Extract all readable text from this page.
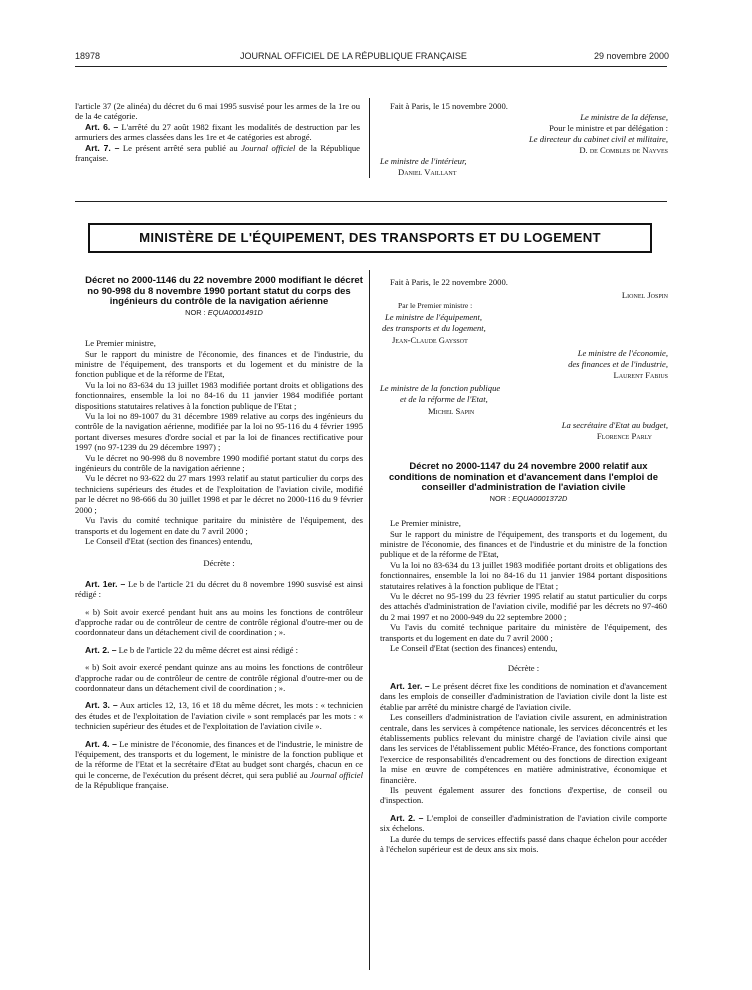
18978	JOURNAL OFFICIEL DE LA RÉPUBLIQUE FRANÇAISE	29 novembre 2000

l'article 37 (2e alinéa) du décret du 6 mai 1995 susvisé pour les armes de la 1re ou de la 4e catégorie.

Art. 6. – L'arrêté du 27 août 1982 fixant les modalités de destruction par les armuriers des armes classées dans les 1re et 4e catégories est abrogé.

Art. 7. – Le présent arrêté sera publié au Journal officiel de la République française.

Fait à Paris, le 15 novembre 2000.
Le ministre de la défense,
Pour le ministre et par délégation :
Le directeur du cabinet civil et militaire,
D. de Combles de Nayves
Le ministre de l'intérieur,
Daniel Vaillant
MINISTÈRE DE L'ÉQUIPEMENT, DES TRANSPORTS ET DU LOGEMENT

Décret no 2000-1146 du 22 novembre 2000 modifiant le décret no 90-998 du 8 novembre 1990 portant statut du corps des ingénieurs du contrôle de la navigation aérienne

NOR : EQUA0001491D

Le Premier ministre,

Sur le rapport du ministre de l'économie, des finances et de l'industrie, du ministre de l'équipement, des transports et du logement et du ministre de la fonction publique et de la réforme de l'Etat,

Vu la loi no 83-634 du 13 juillet 1983 modifiée portant droits et obligations des fonctionnaires, ensemble la loi no 84-16 du 11 janvier 1984 modifiée portant dispositions statutaires relatives à la fonction publique de l'Etat ;

Vu la loi no 89-1007 du 31 décembre 1989 relative au corps des ingénieurs du contrôle de la navigation aérienne, modifiée par la loi no 95-116 du 4 février 1995 portant diverses mesures d'ordre social et par la loi de finances rectificative pour 1997 (no 97-1239 du 29 décembre 1997) ;

Vu le décret no 90-998 du 8 novembre 1990 modifié portant statut du corps des ingénieurs du contrôle de la navigation aérienne ;

Vu le décret no 93-622 du 27 mars 1993 relatif au statut particulier du corps des techniciens supérieurs des études et de l'exploitation de l'aviation civile, modifié par le décret no 98-666 du 30 juillet 1998 et par le décret no 2000-116 du 9 février 2000 ;

Vu l'avis du comité technique paritaire du ministère de l'équipement, des transports et du logement en date du 7 avril 2000 ;

Le Conseil d'Etat (section des finances) entendu,

Décrète :

Art. 1er. – Le b de l'article 21 du décret du 8 novembre 1990 susvisé est ainsi rédigé :

« b) Soit avoir exercé pendant huit ans au moins les fonctions de contrôleur d'approche radar ou de contrôleur de centre de contrôle régional d'outre-mer ou de coordonnateur dans un détachement civil de coordination ; ».

Art. 2. – Le b de l'article 22 du même décret est ainsi rédigé :

« b) Soit avoir exercé pendant quinze ans au moins les fonctions de contrôleur d'approche radar ou de contrôleur de centre de contrôle régional d'outre-mer ou de coordonnateur dans un détachement civil de coordination ; ».

Art. 3. – Aux articles 12, 13, 16 et 18 du même décret, les mots : « technicien des études et de l'exploitation de l'aviation civile » sont remplacés par les mots : « technicien supérieur des études et de l'exploitation de l'aviation civile ».

Art. 4. – Le ministre de l'économie, des finances et de l'industrie, le ministre de l'équipement, des transports et du logement, le ministre de la fonction publique et de la réforme de l'Etat et la secrétaire d'Etat au budget sont chargés, chacun en ce qui le concerne, de l'exécution du présent décret, qui sera publié au Journal officiel de la République française.

Fait à Paris, le 22 novembre 2000.
Lionel Jospin
Par le Premier ministre :
Le ministre de l'équipement,
des transports et du logement,
Jean-Claude Gayssot
Le ministre de l'économie,
des finances et de l'industrie,
Laurent Fabius
Le ministre de la fonction publique
et de la réforme de l'Etat,
Michel Sapin
La secrétaire d'Etat au budget,
Florence Parly

Décret no 2000-1147 du 24 novembre 2000 relatif aux conditions de nomination et d'avancement dans l'emploi de conseiller d'administration de l'aviation civile

NOR : EQUA0001372D

Le Premier ministre,

Sur le rapport du ministre de l'équipement, des transports et du logement, du ministre de l'économie, des finances et de l'industrie et du ministre de la fonction publique et de la réforme de l'Etat,

Vu la loi no 83-634 du 13 juillet 1983 modifiée portant droits et obligations des fonctionnaires, ensemble la loi no 84-16 du 11 janvier 1984 portant dispositions statutaires relatives à la fonction publique de l'Etat ;

Vu le décret no 95-199 du 23 février 1995 relatif au statut particulier du corps des attachés d'administration de l'aviation civile, modifié par les décrets no 97-460 du 2 mai 1997 et no 2000-949 du 22 septembre 2000 ;

Vu l'avis du comité technique paritaire du ministère de l'équipement, des transports et du logement en date du 7 avril 2000 ;

Le Conseil d'Etat (section des finances) entendu,

Décrète :

Art. 1er. – Le présent décret fixe les conditions de nomination et d'avancement dans les emplois de conseiller d'administration de l'aviation civile dont la liste est établie par arrêté du ministre chargé de l'aviation civile.

Les conseillers d'administration de l'aviation civile assurent, en administration centrale, dans les services à compétence nationale, les services déconcentrés et les établissements publics relevant du ministre chargé de l'aviation civile ainsi que dans les services de l'établissement public Météo-France, des fonctions comportant l'exercice de responsabilités d'encadrement ou des fonctions de direction exigeant la mise en œuvre de compétences en matière administrative, économique et financière.

Ils peuvent également assurer des fonctions d'expertise, de conseil ou d'inspection.

Art. 2. – L'emploi de conseiller d'administration de l'aviation civile comporte six échelons.

La durée du temps de services effectifs passé dans chaque échelon pour accéder à l'échelon supérieur est de deux ans six mois.
